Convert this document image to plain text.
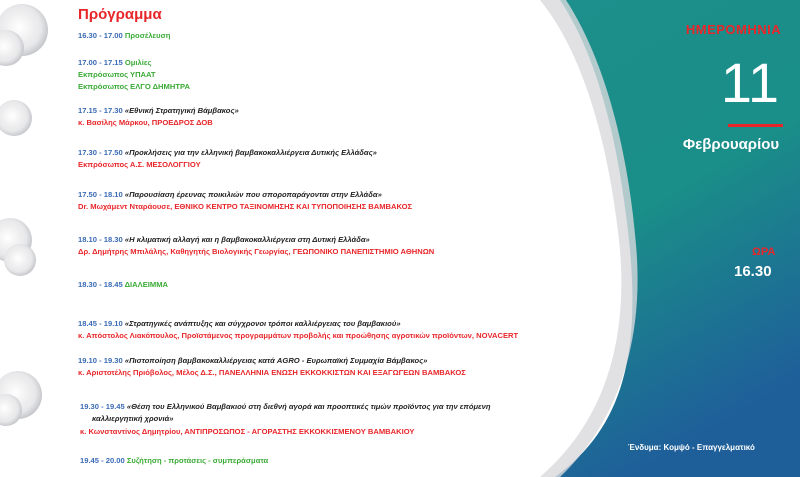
Πρόγραμμα
16.30 - 17.00 Προσέλευση
17.00 - 17.15 Ομιλίες
Εκπρόσωπος ΥΠΑΑΤ
Εκπρόσωπος ΕΛΓΟ ΔΗΜΗΤΡΑ
17.15 - 17.30 «Εθνική Στρατηγική Βάμβακος»
κ. Βασίλης Μάρκου, ΠΡΟΕΔΡΟΣ ΔΟΒ
17.30 - 17.50 «Προκλήσεις για την ελληνική βαμβακοκαλλιέργεια Δυτικής Ελλάδας»
Εκπρόσωπος Α.Σ. ΜΕΣΟΛΟΓΓΙΟΥ
17.50 - 18.10 «Παρουσίαση έρευνας ποικιλιών που σποροπαράγονται στην Ελλάδα»
Dr. Μωχάμεντ Νταράουσε, ΕΘΝΙΚΟ ΚΕΝΤΡΟ ΤΑΞΙΝΟΜΗΣΗΣ ΚΑΙ ΤΥΠΟΠΟΙΗΣΗΣ ΒΑΜΒΑΚΟΣ
18.10 - 18.30 «Η κλιματική αλλαγή και η βαμβακοκαλλιέργεια στη Δυτική Ελλάδα»
Δρ. Δημήτρης Μπιλάλης, Καθηγητής Βιολογικής Γεωργίας, ΓΕΩΠΟΝΙΚΟ ΠΑΝΕΠΙΣΤΗΜΙΟ ΑΘΗΝΩΝ
18.30 - 18.45 ΔΙΑΛΕΙΜΜΑ
18.45 - 19.10 «Στρατηγικές ανάπτυξης και σύγχρονοι τρόποι καλλιέργειας του βαμβακιού»
κ. Απόστολος Λιακόπουλος, Προϊστάμενος προγραμμάτων προβολής και προώθησης αγροτικών προϊόντων, NOVACERT
19.10 - 19.30 «Πιστοποίηση βαμβακοκαλλιέργειας κατά AGRO - Ευρωπαϊκή Συμμαχία Βάμβακος»
κ. Αριστοτέλης Πριόβολος, Μέλος Δ.Σ., ΠΑΝΕΛΛΗΝΙΑ ΕΝΩΣΗ ΕΚΚΟΚΚΙΣΤΩΝ ΚΑΙ ΕΞΑΓΩΓΕΩΝ ΒΑΜΒΑΚΟΣ
19.30 - 19.45 «Θέση του Ελληνικού Βαμβακιού στη διεθνή αγορά και προοπτικές τιμών προϊόντος για την επόμενη
καλλιεργητική χρονιά»
κ. Κωνσταντίνος Δημητρίου, ΑΝΤΙΠΡΟΣΩΠΟΣ - ΑΓΟΡΑΣΤΗΣ ΕΚΚΟΚΚΙΣΜΕΝΟΥ ΒΑΜΒΑΚΙΟΥ
19.45 - 20.00 Συζήτηση - προτάσεις - συμπεράσματα
ΗΜΕΡΟΜΗΝΙΑ
11
Φεβρουαρίου
ΩΡΑ
16.30
Ένδυμα: Κομψό - Επαγγελματικό
